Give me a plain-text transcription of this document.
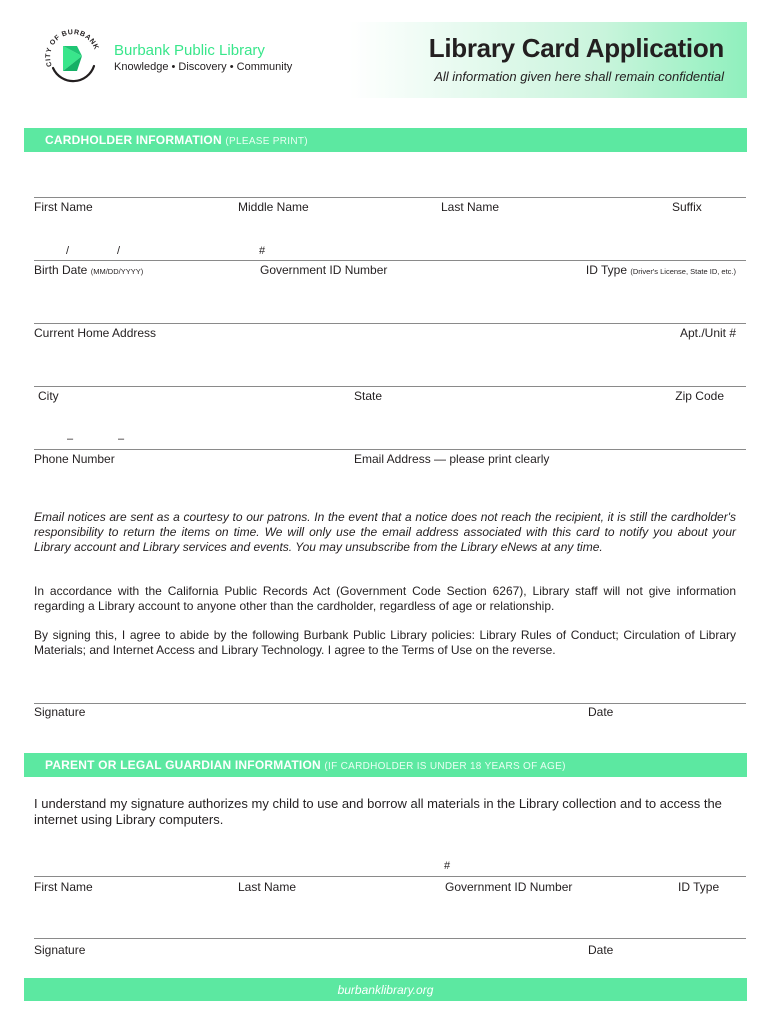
CITY OF BURBANK Burbank Public Library
Knowledge • Discovery • Community
Library Card Application
All information given here shall remain confidential
CARDHOLDER INFORMATION (PLEASE PRINT)
First Name	Middle Name	Last Name	Suffix
/	/	#
Birth Date (MM/DD/YYYY)	Government ID Number	ID Type (Driver's License, State ID, etc.)
Current Home Address	Apt./Unit #
City	State	Zip Code
–	–
Phone Number	Email Address — please print clearly
Email notices are sent as a courtesy to our patrons. In the event that a notice does not reach the recipient, it is still the cardholder's responsibility to return the items on time. We will only use the email address associated with this card to notify you about your Library account and Library services and events. You may unsubscribe from the Library eNews at any time.
In accordance with the California Public Records Act (Government Code Section 6267), Library staff will not give information regarding a Library account to anyone other than the cardholder, regardless of age or relationship.
By signing this, I agree to abide by the following Burbank Public Library policies: Library Rules of Conduct; Circulation of Library Materials; and Internet Access and Library Technology. I agree to the Terms of Use on the reverse.
Signature	Date
PARENT OR LEGAL GUARDIAN INFORMATION (IF CARDHOLDER IS UNDER 18 YEARS OF AGE)
I understand my signature authorizes my child to use and borrow all materials in the Library collection and to access the internet using Library computers.
#
First Name	Last Name	Government ID Number	ID Type
Signature	Date
burbanklibrary.org
